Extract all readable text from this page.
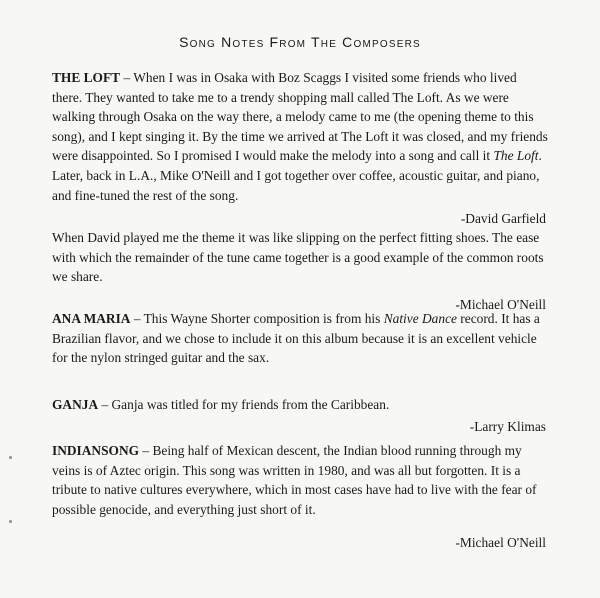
Song Notes From The Composers

THE LOFT – When I was in Osaka with Boz Scaggs I visited some friends who lived there. They wanted to take me to a trendy shopping mall called The Loft. As we were walking through Osaka on the way there, a melody came to me (the opening theme to this song), and I kept singing it. By the time we arrived at The Loft it was closed, and my friends were disappointed. So I promised I would make the melody into a song and call it The Loft. Later, back in L.A., Mike O'Neill and I got together over coffee, acoustic guitar, and piano, and fine-tuned the rest of the song.

-David Garfield

When David played me the theme it was like slipping on the perfect fitting shoes. The ease with which the remainder of the tune came together is a good example of the common roots we share.

-Michael O'Neill

ANA MARIA – This Wayne Shorter composition is from his Native Dance record. It has a Brazilian flavor, and we chose to include it on this album because it is an excellent vehicle for the nylon stringed guitar and the sax.

GANJA – Ganja was titled for my friends from the Caribbean.

-Larry Klimas

INDIANSONG – Being half of Mexican descent, the Indian blood running through my veins is of Aztec origin. This song was written in 1980, and was all but forgotten. It is a tribute to native cultures everywhere, which in most cases have had to live with the fear of possible genocide, and everything just short of it.

-Michael O'Neill
